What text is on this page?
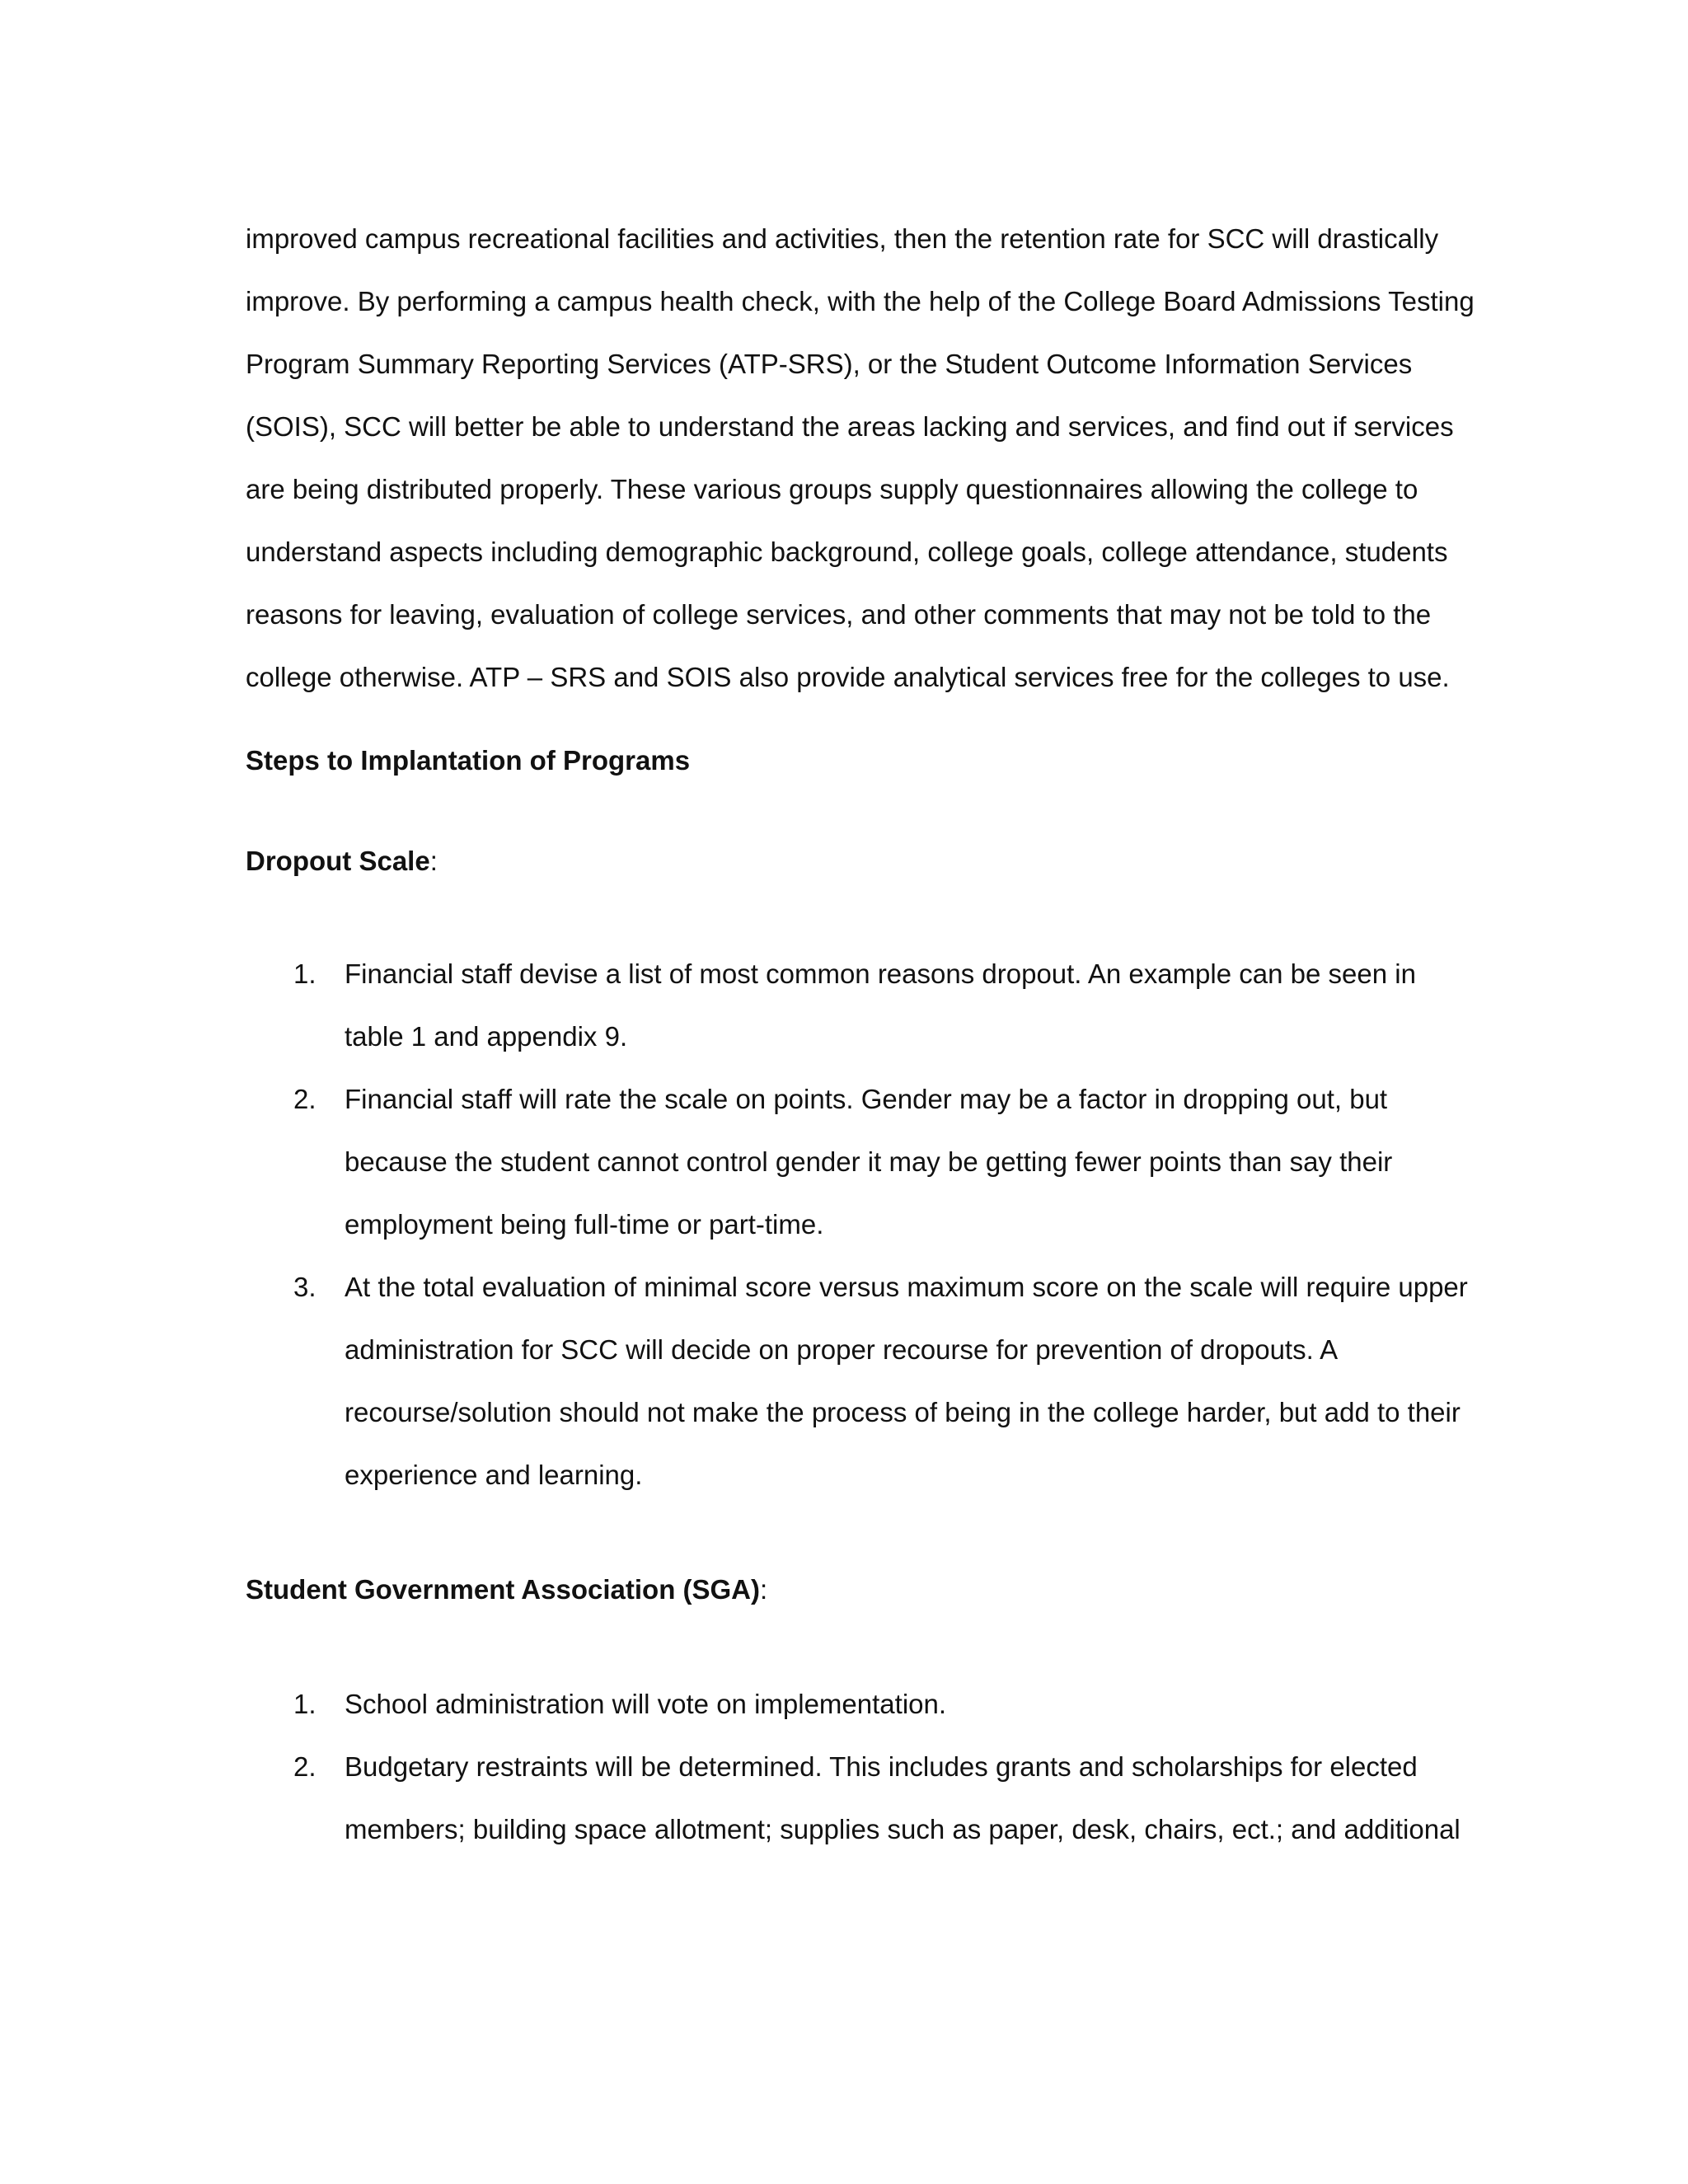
improved campus recreational facilities and activities, then the retention rate for SCC will drastically improve. By performing a campus health check, with the help of the College Board Admissions Testing Program Summary Reporting Services (ATP-SRS), or the Student Outcome Information Services (SOIS), SCC will better be able to understand the areas lacking and services, and find out if services are being distributed properly. These various groups supply questionnaires allowing the college to understand aspects including demographic background, college goals, college attendance, students reasons for leaving, evaluation of college services, and other comments that may not be told to the college otherwise. ATP – SRS and SOIS also provide analytical services free for the colleges to use.

Steps to Implantation of Programs
Dropout Scale:
1. Financial staff devise a list of most common reasons dropout. An example can be seen in table 1 and appendix 9.
2. Financial staff will rate the scale on points. Gender may be a factor in dropping out, but because the student cannot control gender it may be getting fewer points than say their employment being full-time or part-time.
3. At the total evaluation of minimal score versus maximum score on the scale will require upper administration for SCC will decide on proper recourse for prevention of dropouts. A recourse/solution should not make the process of being in the college harder, but add to their experience and learning.
Student Government Association (SGA):
1. School administration will vote on implementation.
2. Budgetary restraints will be determined. This includes grants and scholarships for elected members; building space allotment; supplies such as paper, desk, chairs, ect.; and additional
